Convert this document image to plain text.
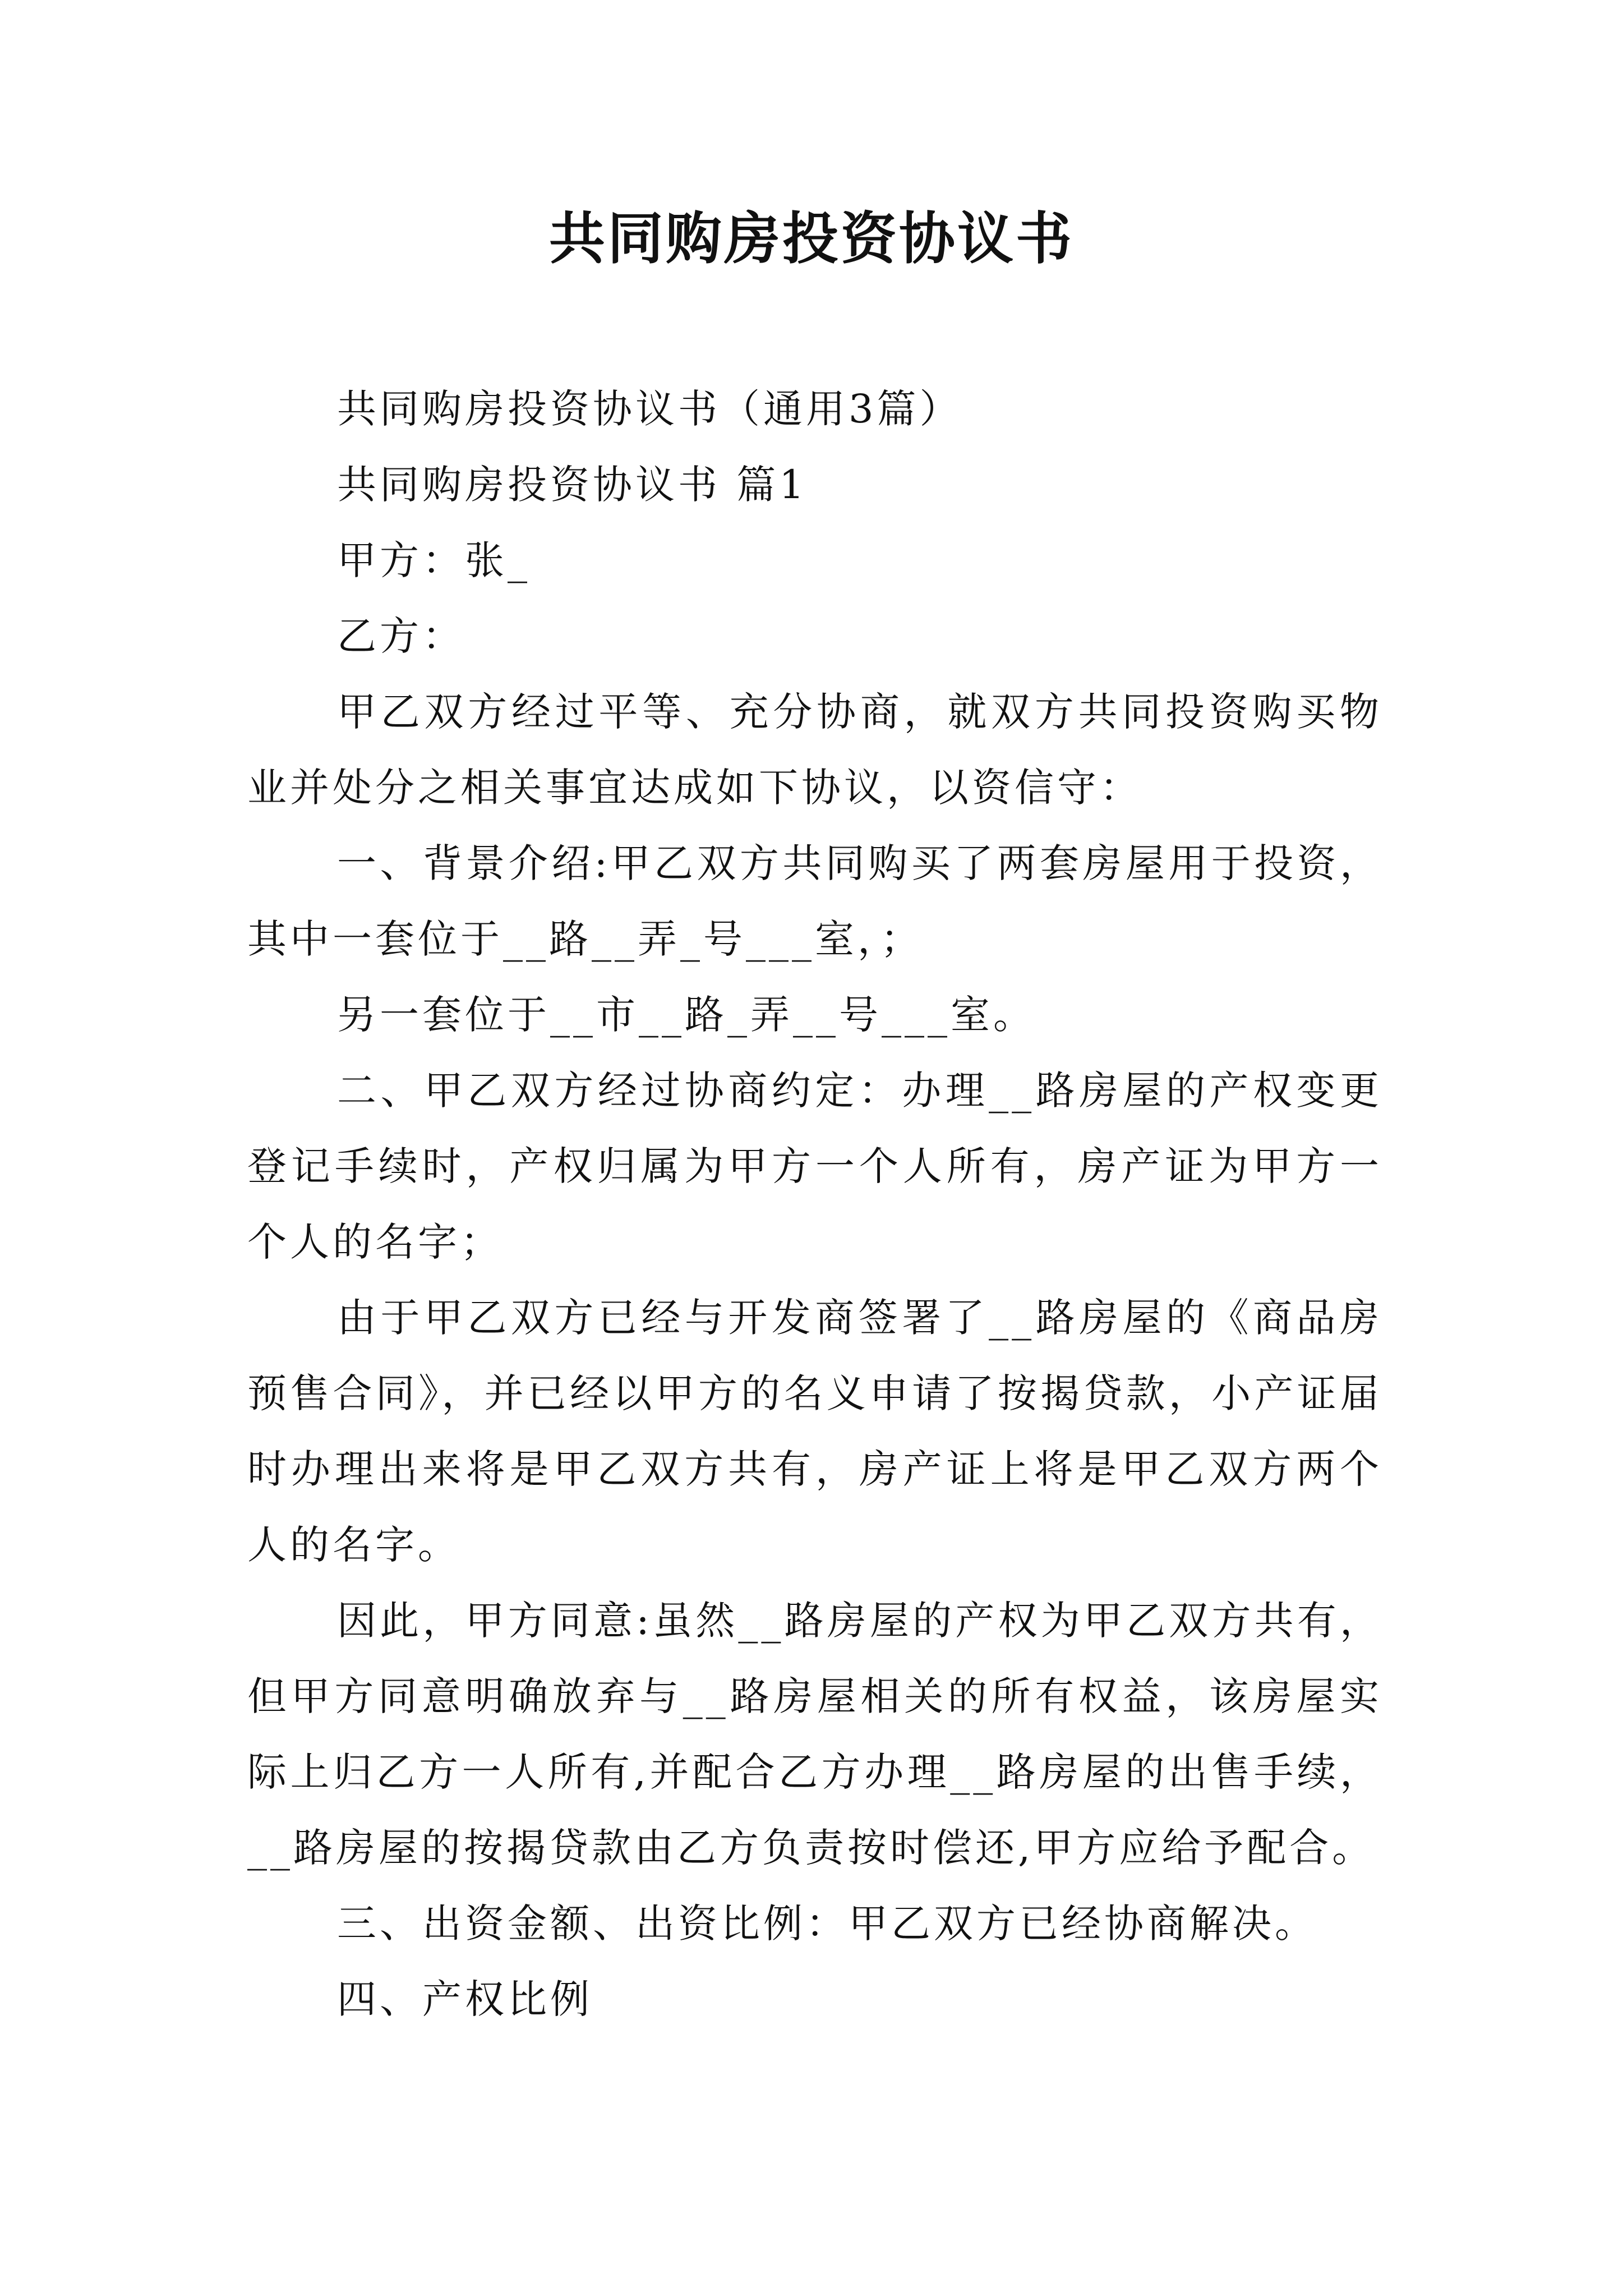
共同购房投资协议书

共同购房投资协议书（通用3篇）

共同购房投资协议书 篇1

甲方：张_

乙方：

甲乙双方经过平等、充分协商，就双方共同投资购买物业并处分之相关事宜达成如下协议，以资信守：

一、背景介绍:甲乙双方共同购买了两套房屋用于投资，其中一套位于__路__弄_号___室，；

另一套位于__市__路_弄__号___室。

二、甲乙双方经过协商约定：办理__路房屋的产权变更登记手续时，产权归属为甲方一个人所有，房产证为甲方一个人的名字；

由于甲乙双方已经与开发商签署了__路房屋的《商品房预售合同》，并已经以甲方的名义申请了按揭贷款，小产证届时办理出来将是甲乙双方共有，房产证上将是甲乙双方两个人的名字。

因此，甲方同意:虽然__路房屋的产权为甲乙双方共有，但甲方同意明确放弃与__路房屋相关的所有权益，该房屋实际上归乙方一人所有,并配合乙方办理__路房屋的出售手续，__路房屋的按揭贷款由乙方负责按时偿还,甲方应给予配合。

三、出资金额、出资比例：甲乙双方已经协商解决。

四、产权比例
